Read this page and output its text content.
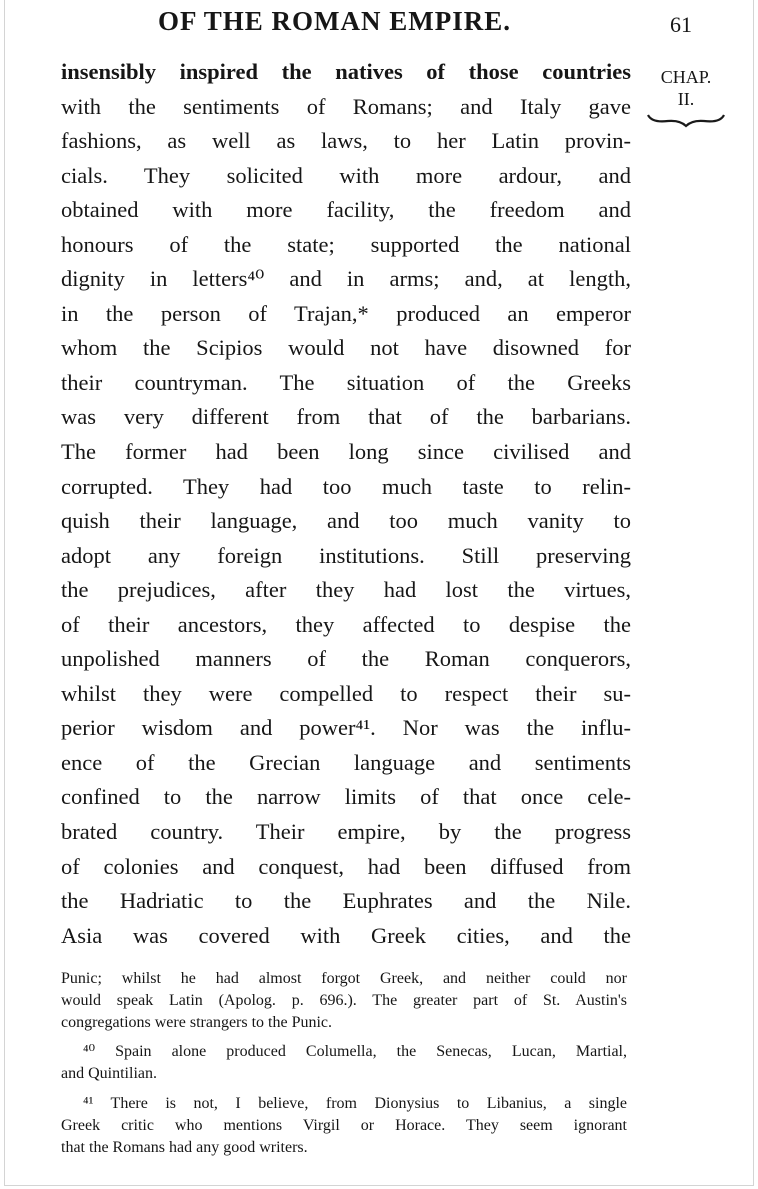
OF THE ROMAN EMPIRE.	61
CHAP.
II.
insensibly inspired the natives of those countries
with the sentiments of Romans; and Italy gave
fashions, as well as laws, to her Latin provin-
cials. They solicited with more ardour, and
obtained with more facility, the freedom and
honours of the state; supported the national
dignity in letters⁴⁰ and in arms; and, at length,
in the person of Trajan,* produced an emperor
whom the Scipios would not have disowned for
their countryman. The situation of the Greeks
was very different from that of the barbarians.
The former had been long since civilised and
corrupted. They had too much taste to relin-
quish their language, and too much vanity to
adopt any foreign institutions. Still preserving
the prejudices, after they had lost the virtues,
of their ancestors, they affected to despise the
unpolished manners of the Roman conquerors,
whilst they were compelled to respect their su-
perior wisdom and power⁴¹. Nor was the influ-
ence of the Grecian language and sentiments
confined to the narrow limits of that once cele-
brated country. Their empire, by the progress
of colonies and conquest, had been diffused from
the Hadriatic to the Euphrates and the Nile.
Asia was covered with Greek cities, and the
Punic; whilst he had almost forgot Greek, and neither could nor
would speak Latin (Apolog. p. 696.). The greater part of St. Austin's
congregations were strangers to the Punic.
⁴⁰ Spain alone produced Columella, the Senecas, Lucan, Martial,
and Quintilian.
⁴¹ There is not, I believe, from Dionysius to Libanius, a single
Greek critic who mentions Virgil or Horace. They seem ignorant
that the Romans had any good writers.
